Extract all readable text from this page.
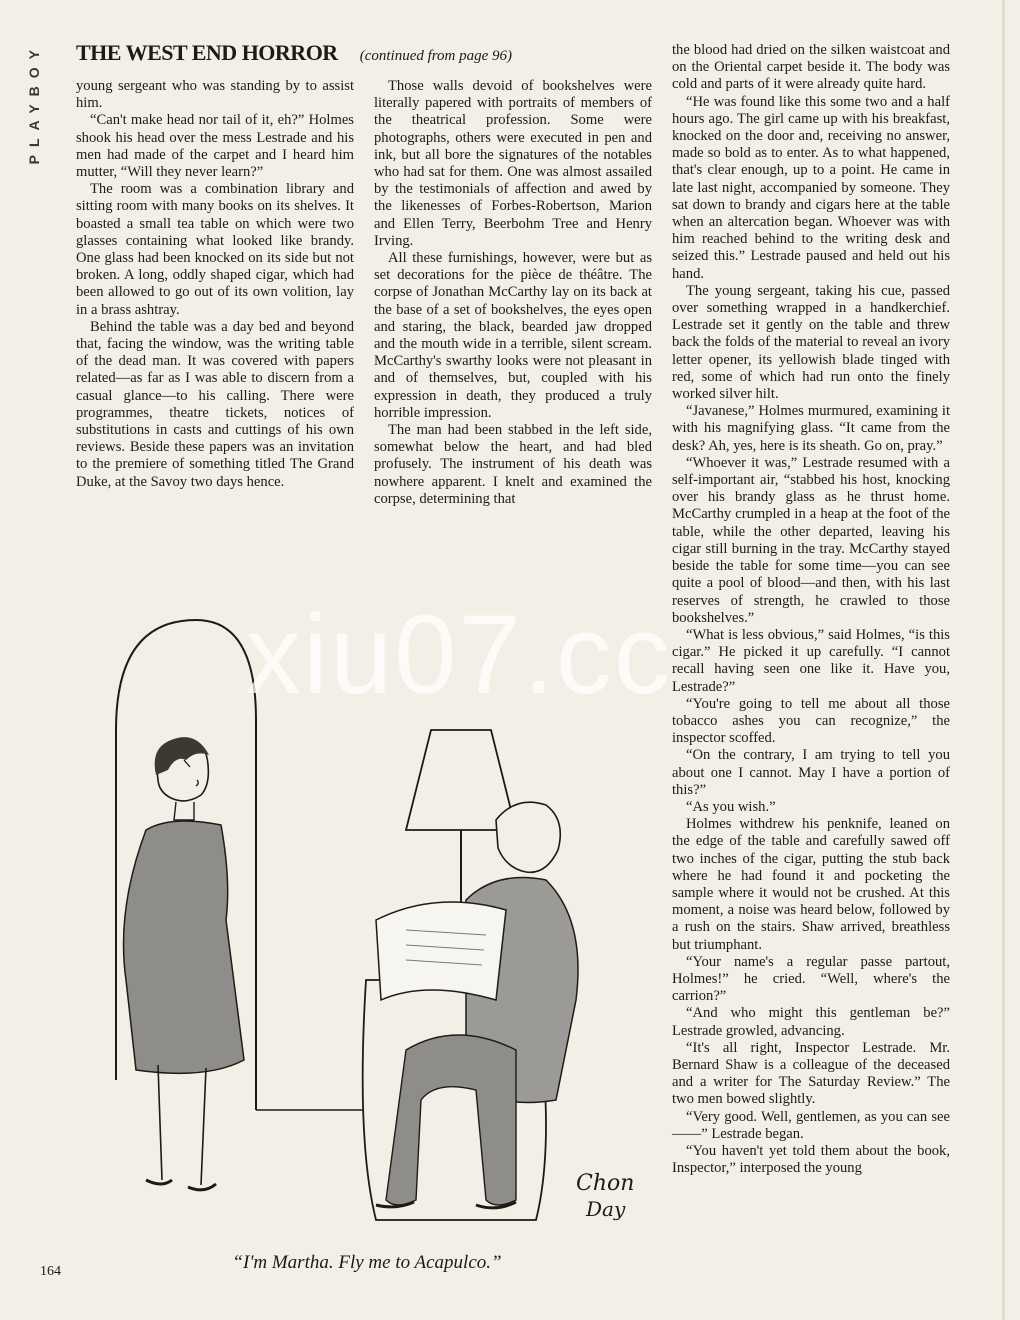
PLAYBOY	THE WEST END HORROR (continued from page 96)

young sergeant who was standing by to assist him.

“Can't make head nor tail of it, eh?” Holmes shook his head over the mess Lestrade and his men had made of the carpet and I heard him mutter, “Will they never learn?”

The room was a combination library and sitting room with many books on its shelves. It boasted a small tea table on which were two glasses containing what looked like brandy. One glass had been knocked on its side but not broken. A long, oddly shaped cigar, which had been allowed to go out of its own volition, lay in a brass ashtray.

Behind the table was a day bed and beyond that, facing the window, was the writing table of the dead man. It was covered with papers related—as far as I was able to discern from a casual glance—to his calling. There were programmes, theatre tickets, notices of substitutions in casts and cuttings of his own reviews. Beside these papers was an invitation to the premiere of something titled The Grand Duke, at the Savoy two days hence.

Those walls devoid of bookshelves were literally papered with portraits of members of the theatrical profession. Some were photographs, others were executed in pen and ink, but all bore the signatures of the notables who had sat for them. One was almost assailed by the testimonials of affection and awed by the likenesses of Forbes-Robertson, Marion and Ellen Terry, Beerbohm Tree and Henry Irving.

All these furnishings, however, were but as set decorations for the pièce de théâtre. The corpse of Jonathan McCarthy lay on its back at the base of a set of bookshelves, the eyes open and staring, the black, bearded jaw dropped and the mouth wide in a terrible, silent scream. McCarthy's swarthy looks were not pleasant in and of themselves, but, coupled with his expression in death, they produced a truly horrible impression.

The man had been stabbed in the left side, somewhat below the heart, and had bled profusely. The instrument of his death was nowhere apparent. I knelt and examined the corpse, determining that

the blood had dried on the silken waistcoat and on the Oriental carpet beside it. The body was cold and parts of it were already quite hard.

“He was found like this some two and a half hours ago. The girl came up with his breakfast, knocked on the door and, receiving no answer, made so bold as to enter. As to what happened, that's clear enough, up to a point. He came in late last night, accompanied by someone. They sat down to brandy and cigars here at the table when an altercation began. Whoever was with him reached behind to the writing desk and seized this.” Lestrade paused and held out his hand.

The young sergeant, taking his cue, passed over something wrapped in a handkerchief. Lestrade set it gently on the table and threw back the folds of the material to reveal an ivory letter opener, its yellowish blade tinged with red, some of which had run onto the finely worked silver hilt.

“Javanese,” Holmes murmured, examining it with his magnifying glass. “It came from the desk? Ah, yes, here is its sheath. Go on, pray.”

“Whoever it was,” Lestrade resumed with a self-important air, “stabbed his host, knocking over his brandy glass as he thrust home. McCarthy crumpled in a heap at the foot of the table, while the other departed, leaving his cigar still burning in the tray. McCarthy stayed beside the table for some time—you can see quite a pool of blood—and then, with his last reserves of strength, he crawled to those bookshelves.”

“What is less obvious,” said Holmes, “is this cigar.” He picked it up carefully. “I cannot recall having seen one like it. Have you, Lestrade?”

“You're going to tell me about all those tobacco ashes you can recognize,” the inspector scoffed.

“On the contrary, I am trying to tell you about one I cannot. May I have a portion of this?”

“As you wish.”

Holmes withdrew his penknife, leaned on the edge of the table and carefully sawed off two inches of the cigar, putting the stub back where he had found it and pocketing the sample where it would not be crushed. At this moment, a noise was heard below, followed by a rush on the stairs. Shaw arrived, breathless but triumphant.

“Your name's a regular passe partout, Holmes!” he cried. “Well, where's the carrion?”

“And who might this gentleman be?” Lestrade growled, advancing.

“It's all right, Inspector Lestrade. Mr. Bernard Shaw is a colleague of the deceased and a writer for The Saturday Review.” The two men bowed slightly.

“Very good. Well, gentlemen, as you can see——” Lestrade began.

“You haven't yet told them about the book, Inspector,” interposed the young

Chon
Day
“I'm Martha. Fly me to Acapulco.”
164
xiu07.cc
